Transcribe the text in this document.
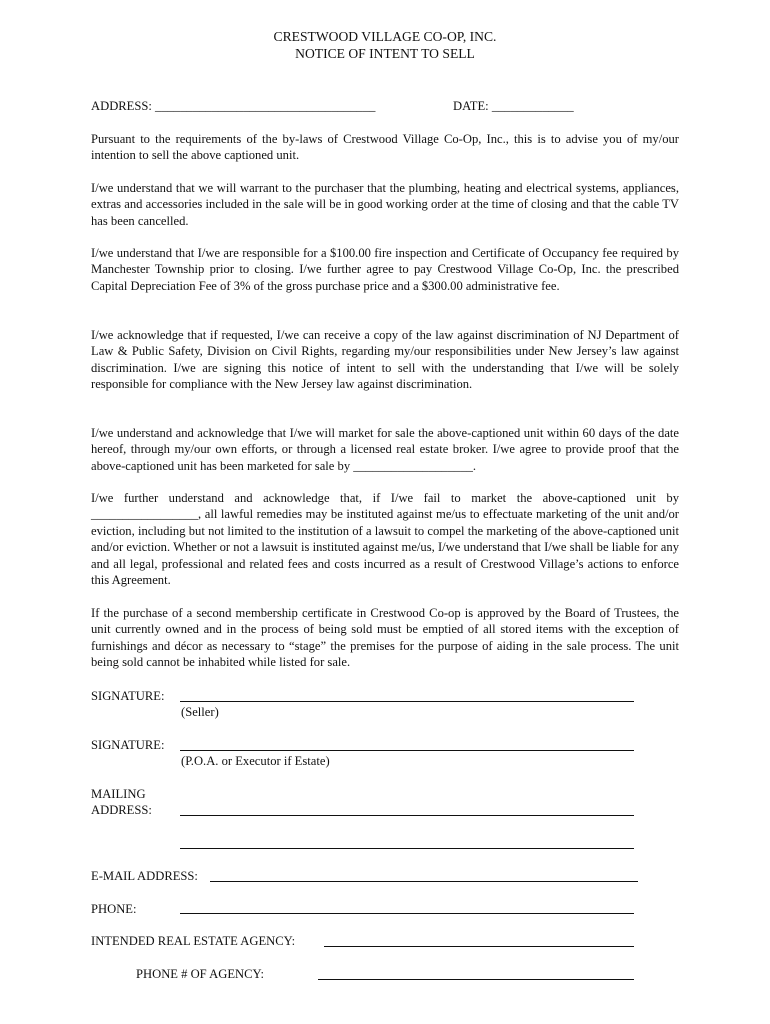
CRESTWOOD VILLAGE CO-OP, INC.
NOTICE OF INTENT TO SELL
ADDRESS: ___________________________________	DATE: _____________
Pursuant to the requirements of the by-laws of Crestwood Village Co-Op, Inc., this is to advise you of my/our intention to sell the above captioned unit.
I/we understand that we will warrant to the purchaser that the plumbing, heating and electrical systems, appliances, extras and accessories included in the sale will be in good working order at the time of closing and that the cable TV has been cancelled.
I/we understand that I/we are responsible for a $100.00 fire inspection and Certificate of Occupancy fee required by Manchester Township prior to closing. I/we further agree to pay Crestwood Village Co-Op, Inc. the prescribed Capital Depreciation Fee of 3% of the gross purchase price and a $300.00 administrative fee.
I/we acknowledge that if requested, I/we can receive a copy of the law against discrimination of NJ Department of Law & Public Safety, Division on Civil Rights, regarding my/our responsibilities under New Jersey’s law against discrimination. I/we are signing this notice of intent to sell with the understanding that I/we will be solely responsible for compliance with the New Jersey law against discrimination.
I/we understand and acknowledge that I/we will market for sale the above-captioned unit within 60 days of the date hereof, through my/our own efforts, or through a licensed real estate broker. I/we agree to provide proof that the above-captioned unit has been marketed for sale by ___________________.
I/we further understand and acknowledge that, if I/we fail to market the above-captioned unit by _________________, all lawful remedies may be instituted against me/us to effectuate marketing of the unit and/or eviction, including but not limited to the institution of a lawsuit to compel the marketing of the above-captioned unit and/or eviction. Whether or not a lawsuit is instituted against me/us, I/we understand that I/we shall be liable for any and all legal, professional and related fees and costs incurred as a result of Crestwood Village’s actions to enforce this Agreement.
If the purchase of a second membership certificate in Crestwood Co-op is approved by the Board of Trustees, the unit currently owned and in the process of being sold must be emptied of all stored items with the exception of furnishings and décor as necessary to “stage” the premises for the purpose of aiding in the sale process. The unit being sold cannot be inhabited while listed for sale.
SIGNATURE:
(Seller)
SIGNATURE:
(P.O.A. or Executor if Estate)
MAILING
ADDRESS:
E-MAIL ADDRESS:
PHONE:
INTENDED REAL ESTATE AGENCY:
PHONE # OF AGENCY:
